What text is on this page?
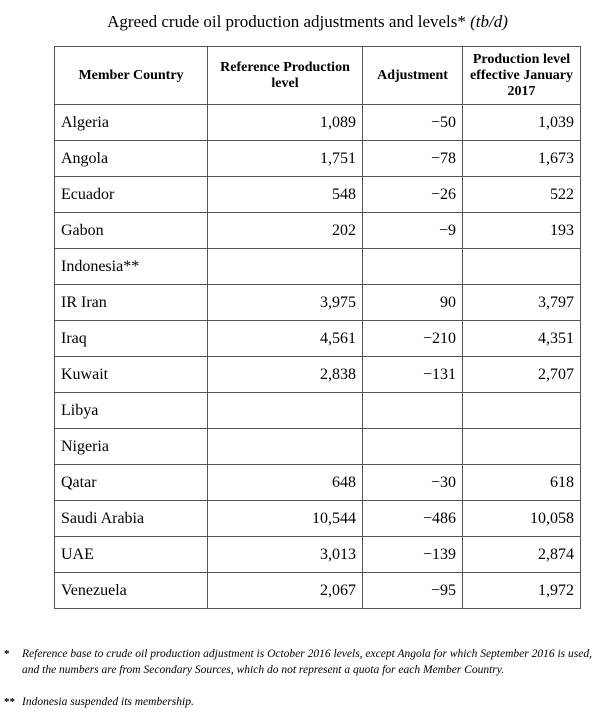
Agreed crude oil production adjustments and levels* (tb/d)
Member Country	Reference Production level	Adjustment	Production level effective January 2017
Algeria	1,089	−50	1,039
Angola	1,751	−78	1,673
Ecuador	548	−26	522
Gabon	202	−9	193
Indonesia**			
IR Iran	3,975	90	3,797
Iraq	4,561	−210	4,351
Kuwait	2,838	−131	2,707
Libya			
Nigeria			
Qatar	648	−30	618
Saudi Arabia	10,544	−486	10,058
UAE	3,013	−139	2,874
Venezuela	2,067	−95	1,972
* Reference base to crude oil production adjustment is October 2016 levels, except Angola for which September 2016 is used, and the numbers are from Secondary Sources, which do not represent a quota for each Member Country.
** Indonesia suspended its membership.
